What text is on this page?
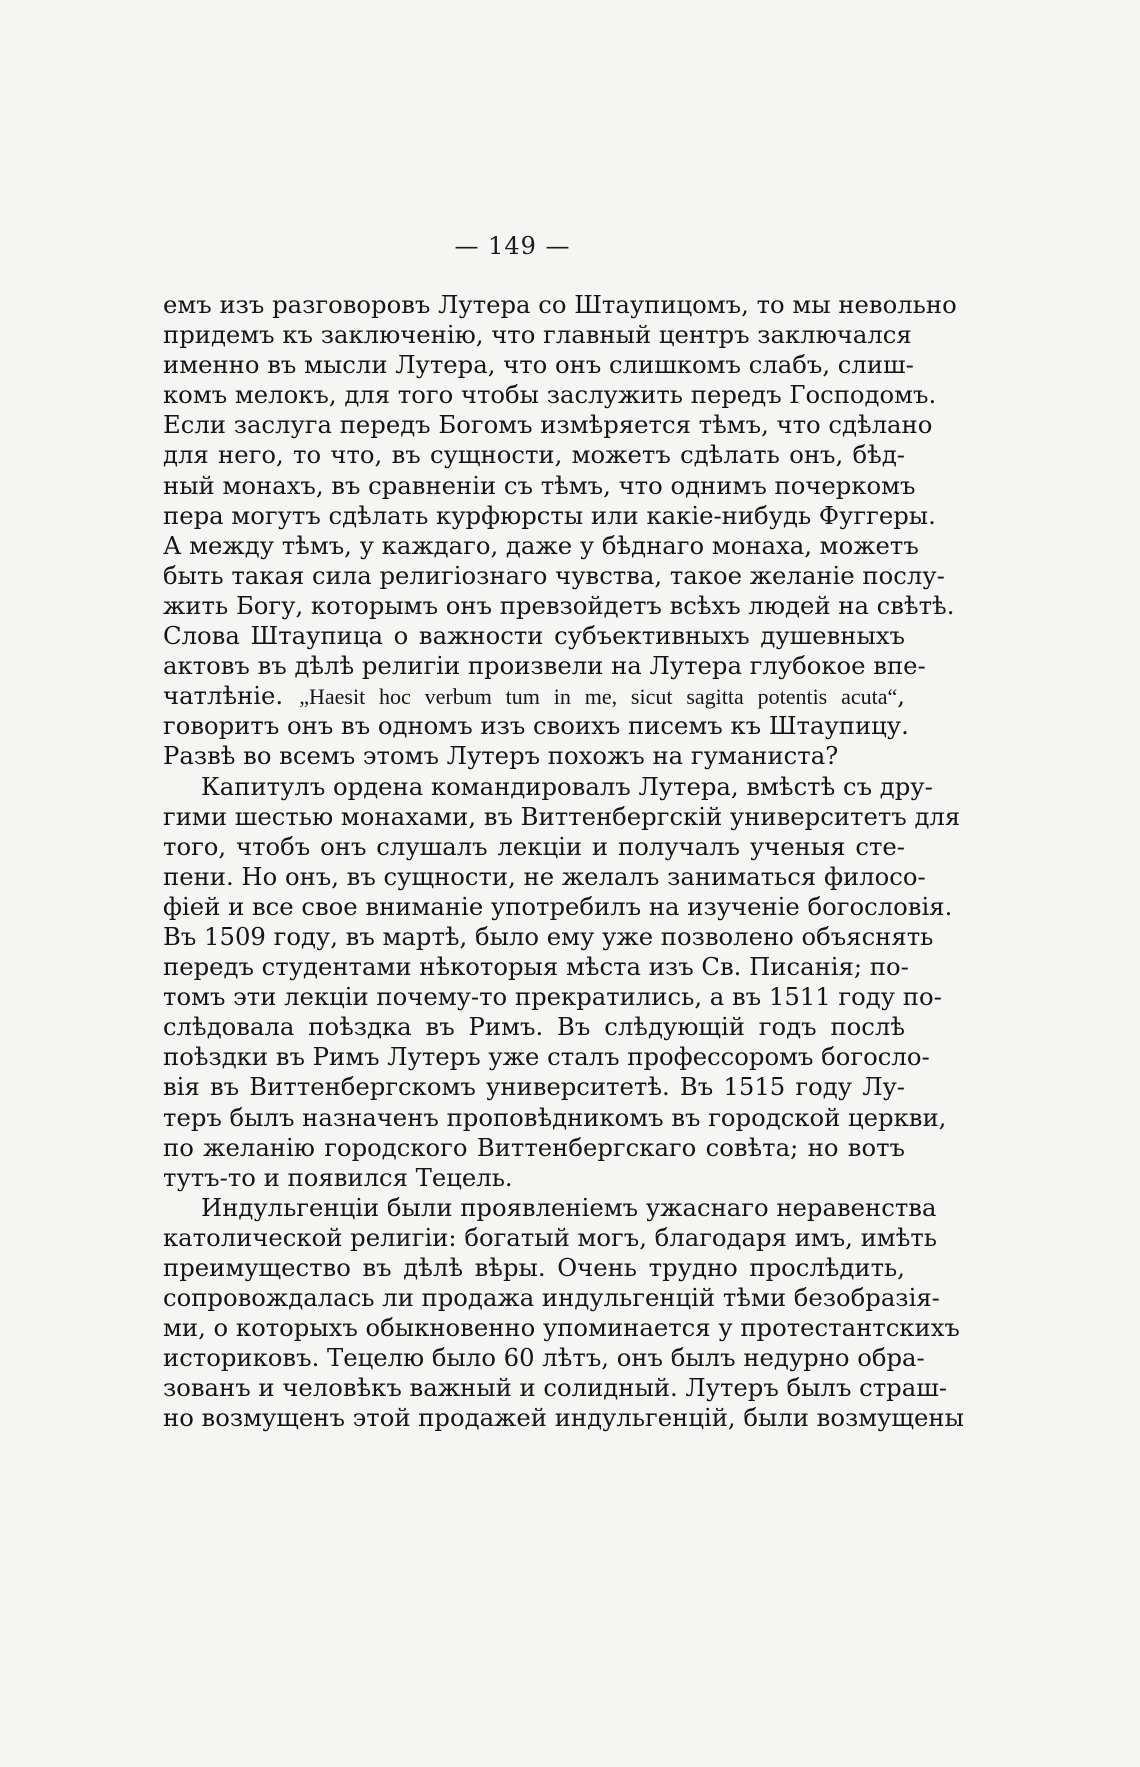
— 149 —
емъ изъ разговоровъ Лутера со Штаупицомъ, то мы невольно
придемъ къ заключенію, что главный центръ заключался
именно въ мысли Лутера, что онъ слишкомъ слабъ, слиш-
комъ мелокъ, для того чтобы заслужить передъ Господомъ.
Если заслуга передъ Богомъ измѣряется тѣмъ, что сдѣлано
для него, то что, въ сущности, можетъ сдѣлать онъ, бѣд-
ный монахъ, въ сравненіи съ тѣмъ, что однимъ почеркомъ
пера могутъ сдѣлать курфюрсты или какіе-нибудь Фуггеры.
А между тѣмъ, у каждаго, даже у бѣднаго монаха, можетъ
быть такая сила религіознаго чувства, такое желаніе послу-
жить Богу, которымъ онъ превзойдетъ всѣхъ людей на свѣтѣ.
Слова Штаупица о важности субъективныхъ душевныхъ
актовъ въ дѣлѣ религіи произвели на Лутера глубокое впе-
чатлѣніе. „Haesit hoc verbum tum in me, sicut sagitta potentis acuta“,
говоритъ онъ въ одномъ изъ своихъ писемъ къ Штаупицу.
Развѣ во всемъ этомъ Лутеръ похожъ на гуманиста?
Капитулъ ордена командировалъ Лутера, вмѣстѣ съ дру-
гими шестью монахами, въ Виттенбергскій университетъ для
того, чтобъ онъ слушалъ лекціи и получалъ ученыя сте-
пени. Но онъ, въ сущности, не желалъ заниматься филосо-
фіей и все свое вниманіе употребилъ на изученіе богословія.
Въ 1509 году, въ мартѣ, было ему уже позволено объяснять
передъ студентами нѣкоторыя мѣста изъ Св. Писанія; по-
томъ эти лекціи почему-то прекратились, а въ 1511 году по-
слѣдовала поѣздка въ Римъ. Въ слѣдующій годъ послѣ
поѣздки въ Римъ Лутеръ уже сталъ профессоромъ богосло-
вія въ Виттенбергскомъ университетѣ. Въ 1515 году Лу-
теръ былъ назначенъ проповѣдникомъ въ городской церкви,
по желанію городского Виттенбергскаго совѣта; но вотъ
тутъ-то и появился Тецель.
Индульгенціи были проявленіемъ ужаснаго неравенства
католической религіи: богатый могъ, благодаря имъ, имѣть
преимущество въ дѣлѣ вѣры. Очень трудно прослѣдить,
сопровождалась ли продажа индульгенцій тѣми безобразія-
ми, о которыхъ обыкновенно упоминается у протестантскихъ
историковъ. Тецелю было 60 лѣтъ, онъ былъ недурно обра-
зованъ и человѣкъ важный и солидный. Лутеръ былъ страш-
но возмущенъ этой продажей индульгенцій, были возмущены
